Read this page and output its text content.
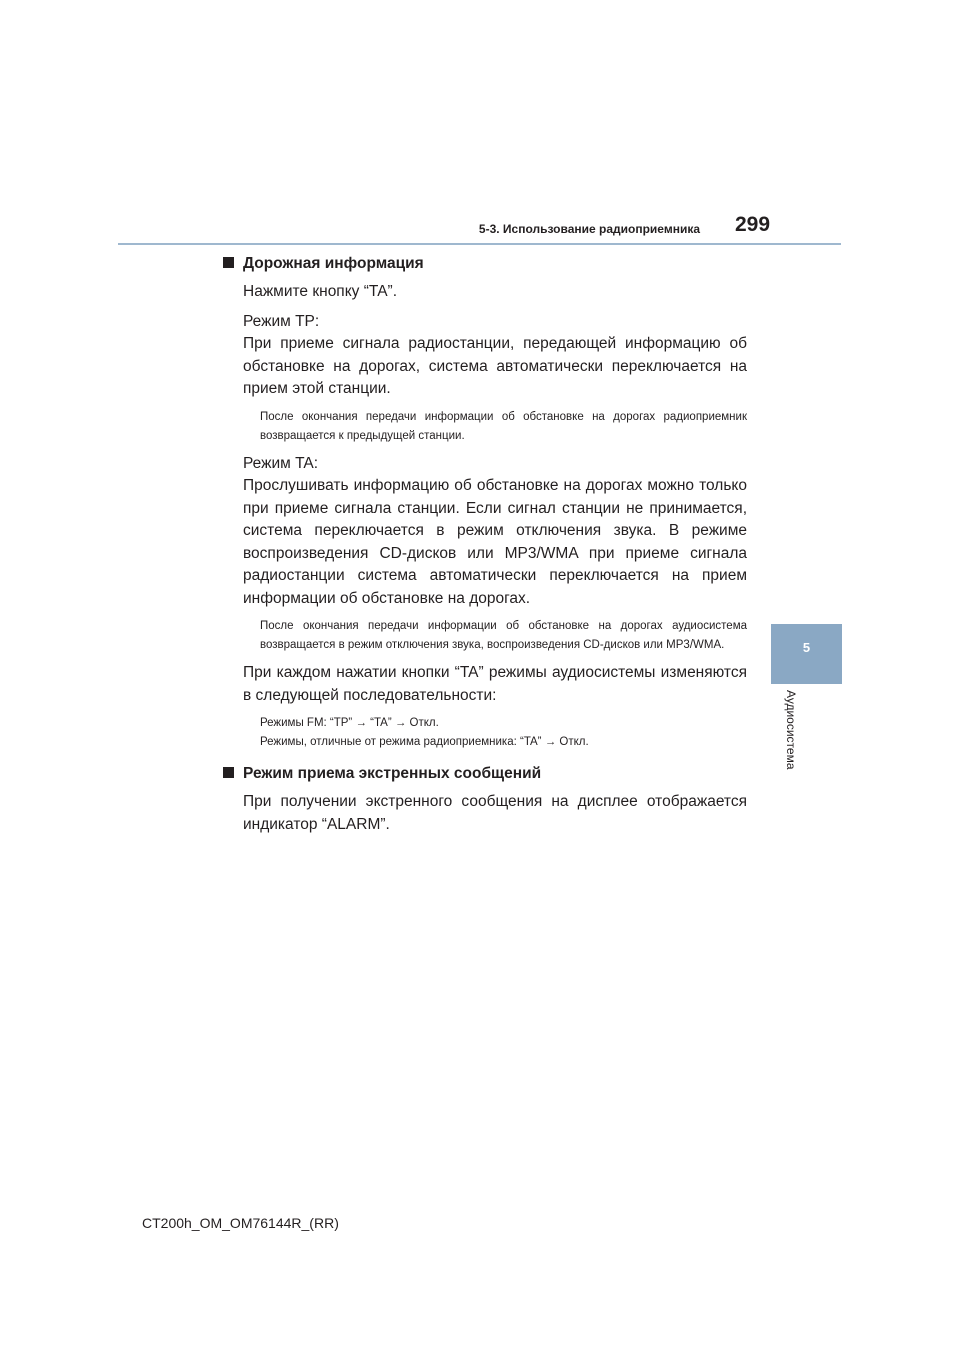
5-3. Использование радиоприемника 299
5
Аудиосистема
Дорожная информация
Нажмите кнопку “TA”.
Режим TP:
При приеме сигнала радиостанции, передающей информацию об обстановке на дорогах, система автоматически переключается на прием этой станции.
После окончания передачи информации об обстановке на дорогах радиоприемник возвращается к предыдущей станции.
Режим TA:
Прослушивать информацию об обстановке на дорогах можно только при приеме сигнала станции. Если сигнал станции не принимается, система переключается в режим отключения звука. В режиме воспроизведения CD-дисков или MP3/WMA при приеме сигнала радиостанции система автоматически переключается на прием информации об обстановке на дорогах.
После окончания передачи информации об обстановке на дорогах аудиосистема возвращается в режим отключения звука, воспроизведения CD-дисков или MP3/WMA.
При каждом нажатии кнопки “TA” режимы аудиосистемы изменяются в следующей последовательности:
Режимы FM: “TP” → “TA” → Откл.
Режимы, отличные от режима радиоприемника: “TA” → Откл.
Режим приема экстренных сообщений
При получении экстренного сообщения на дисплее отображается индикатор “ALARM”.
CT200h_OM_OM76144R_(RR)
